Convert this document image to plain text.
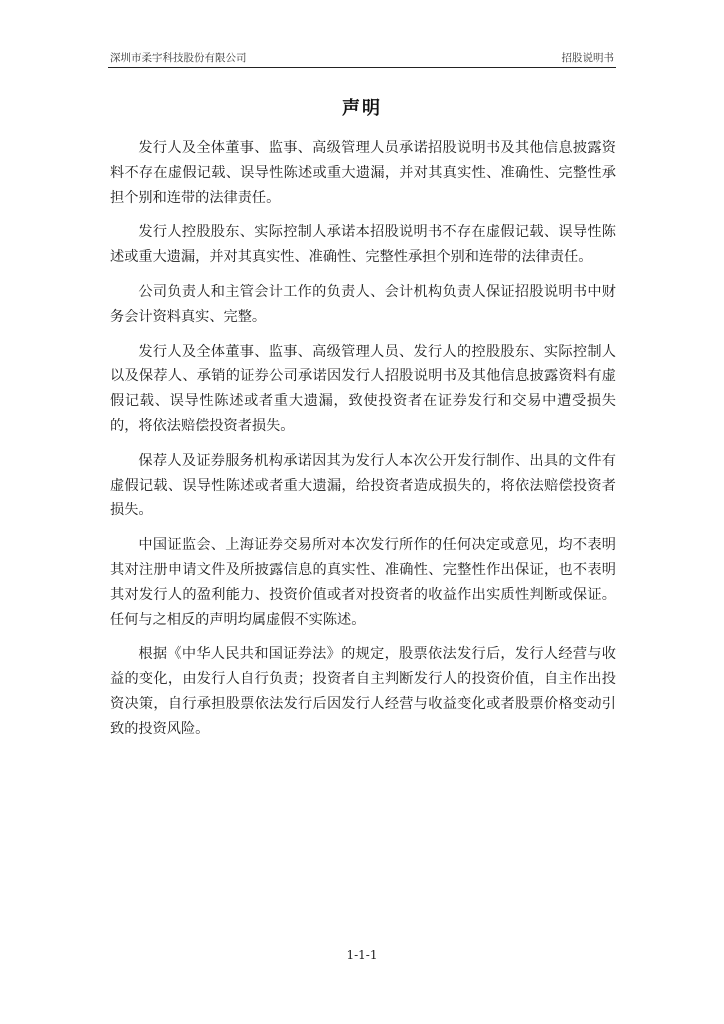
深圳市柔宇科技股份有限公司	招股说明书
声明

发行人及全体董事、监事、高级管理人员承诺招股说明书及其他信息披露资料不存在虚假记载、误导性陈述或重大遗漏，并对其真实性、准确性、完整性承担个别和连带的法律责任。

发行人控股股东、实际控制人承诺本招股说明书不存在虚假记载、误导性陈述或重大遗漏，并对其真实性、准确性、完整性承担个别和连带的法律责任。

公司负责人和主管会计工作的负责人、会计机构负责人保证招股说明书中财务会计资料真实、完整。

发行人及全体董事、监事、高级管理人员、发行人的控股股东、实际控制人以及保荐人、承销的证券公司承诺因发行人招股说明书及其他信息披露资料有虚假记载、误导性陈述或者重大遗漏，致使投资者在证券发行和交易中遭受损失的，将依法赔偿投资者损失。

保荐人及证券服务机构承诺因其为发行人本次公开发行制作、出具的文件有虚假记载、误导性陈述或者重大遗漏，给投资者造成损失的，将依法赔偿投资者损失。

中国证监会、上海证券交易所对本次发行所作的任何决定或意见，均不表明其对注册申请文件及所披露信息的真实性、准确性、完整性作出保证，也不表明其对发行人的盈利能力、投资价值或者对投资者的收益作出实质性判断或保证。任何与之相反的声明均属虚假不实陈述。

根据《中华人民共和国证券法》的规定，股票依法发行后，发行人经营与收益的变化，由发行人自行负责；投资者自主判断发行人的投资价值，自主作出投资决策，自行承担股票依法发行后因发行人经营与收益变化或者股票价格变动引致的投资风险。

1-1-1
